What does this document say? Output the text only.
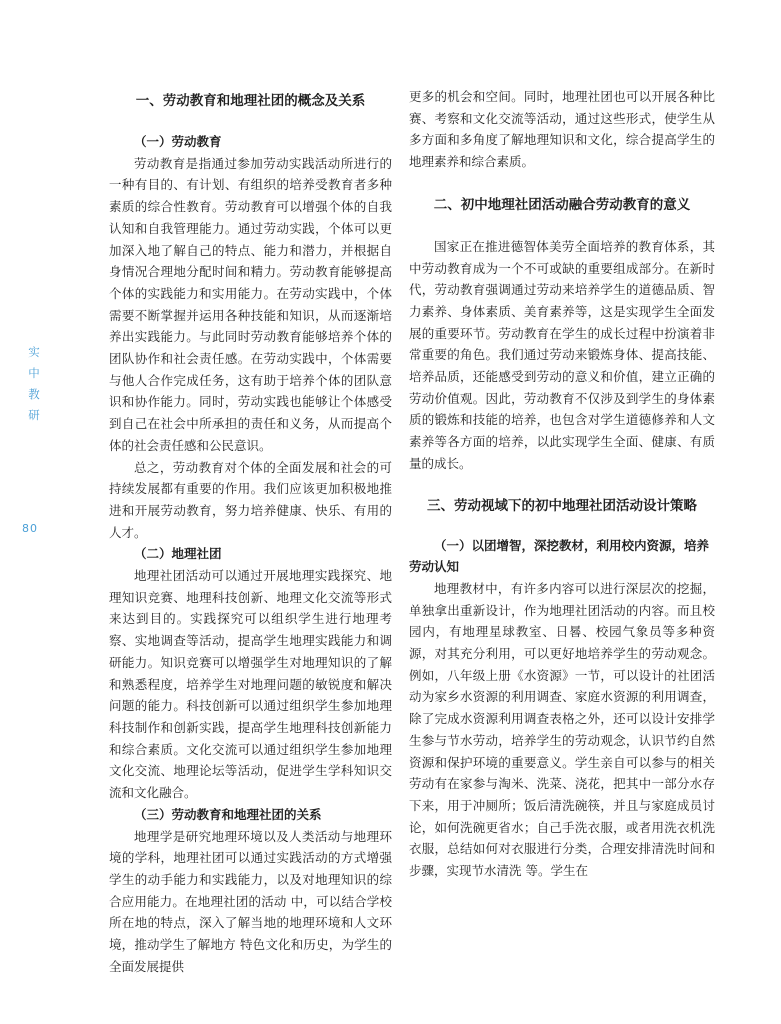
实
中
教
研
80
一、劳动教育和地理社团的概念及关系
（一）劳动教育

劳动教育是指通过参加劳动实践活动所进行的一种有目的、有计划、有组织的培养受教育者多种素质的综合性教育。劳动教育可以增强个体的自我认知和自我管理能力。通过劳动实践，个体可以更加深入地了解自己的特点、能力和潜力，并根据自身情况合理地分配时间和精力。劳动教育能够提高个体的实践能力和实用能力。在劳动实践中，个体需要不断掌握并运用各种技能和知识，从而逐渐培养出实践能力。与此同时劳动教育能够培养个体的团队协作和社会责任感。在劳动实践中，个体需要与他人合作完成任务，这有助于培养个体的团队意识和协作能力。同时，劳动实践也能够让个体感受到自己在社会中所承担的责任和义务，从而提高个体的社会责任感和公民意识。

总之，劳动教育对个体的全面发展和社会的可持续发展都有重要的作用。我们应该更加积极地推进和开展劳动教育，努力培养健康、快乐、有用的人才。

（二）地理社团

地理社团活动可以通过开展地理实践探究、地理知识竞赛、地理科技创新、地理文化交流等形式来达到目的。实践探究可以组织学生进行地理考察、实地调查等活动，提高学生地理实践能力和调研能力。知识竞赛可以增强学生对地理知识的了解和熟悉程度，培养学生对地理问题的敏锐度和解决问题的能力。科技创新可以通过组织学生参加地理科技制作和创新实践，提高学生地理科技创新能力和综合素质。文化交流可以通过组织学生参加地理文化交流、地理论坛等活动，促进学生学科知识交流和文化融合。

（三）劳动教育和地理社团的关系

地理学是研究地理环境以及人类活动与地理环境的学科，地理社团可以通过实践活动的方式增强学生的动手能力和实践能力，以及对地理知识的综合应用能力。在地理社团的活动 中，可以结合学校所在地的特点，深入了解当地的地理环境和人文环境，推动学生了解地方 特色文化和历史，为学生的全面发展提供

更多的机会和空间。同时，地理社团也可以开展各种比赛、考察和文化交流等活动，通过这些形式，使学生从多方面和多角度了解地理知识和文化，综合提高学生的地理素养和综合素质。

二、初中地理社团活动融合劳动教育的意义

国家正在推进德智体美劳全面培养的教育体系，其中劳动教育成为一个不可或缺的重要组成部分。在新时代，劳动教育强调通过劳动来培养学生的道德品质、智力素养、身体素质、美育素养等，这是实现学生全面发展的重要环节。劳动教育在学生的成长过程中扮演着非常重要的角色。我们通过劳动来锻炼身体、提高技能、培养品质，还能感受到劳动的意义和价值，建立正确的劳动价值观。因此，劳动教育不仅涉及到学生的身体素质的锻炼和技能的培养，也包含对学生道德修养和人文素养等各方面的培养，以此实现学生全面、健康、有质量的成长。

三、劳动视域下的初中地理社团活动设计策略
（一）以团增智，深挖教材，利用校内资源，培养劳动认知

地理教材中，有许多内容可以进行深层次的挖掘，单独拿出重新设计，作为地理社团活动的内容。而且校园内，有地理星球教室、日晷、校园气象员等多种资源，对其充分利用，可以更好地培养学生的劳动观念。例如，八年级上册《水资源》一节，可以设计的社团活动为家乡水资源的利用调查、家庭水资源的利用调查，除了完成水资源利用调查表格之外，还可以设计安排学生参与节水劳动，培养学生的劳动观念，认识节约自然资源和保护环境的重要意义。学生亲自可以参与的相关劳动有在家参与淘米、洗菜、浇花，把其中一部分水存下来，用于冲厕所；饭后清洗碗筷，并且与家庭成员讨论，如何洗碗更省水；自己手洗衣服，或者用洗衣机洗衣服，总结如何对衣服进行分类，合理安排清洗时间和步骤，实现节水清洗 等。学生在
